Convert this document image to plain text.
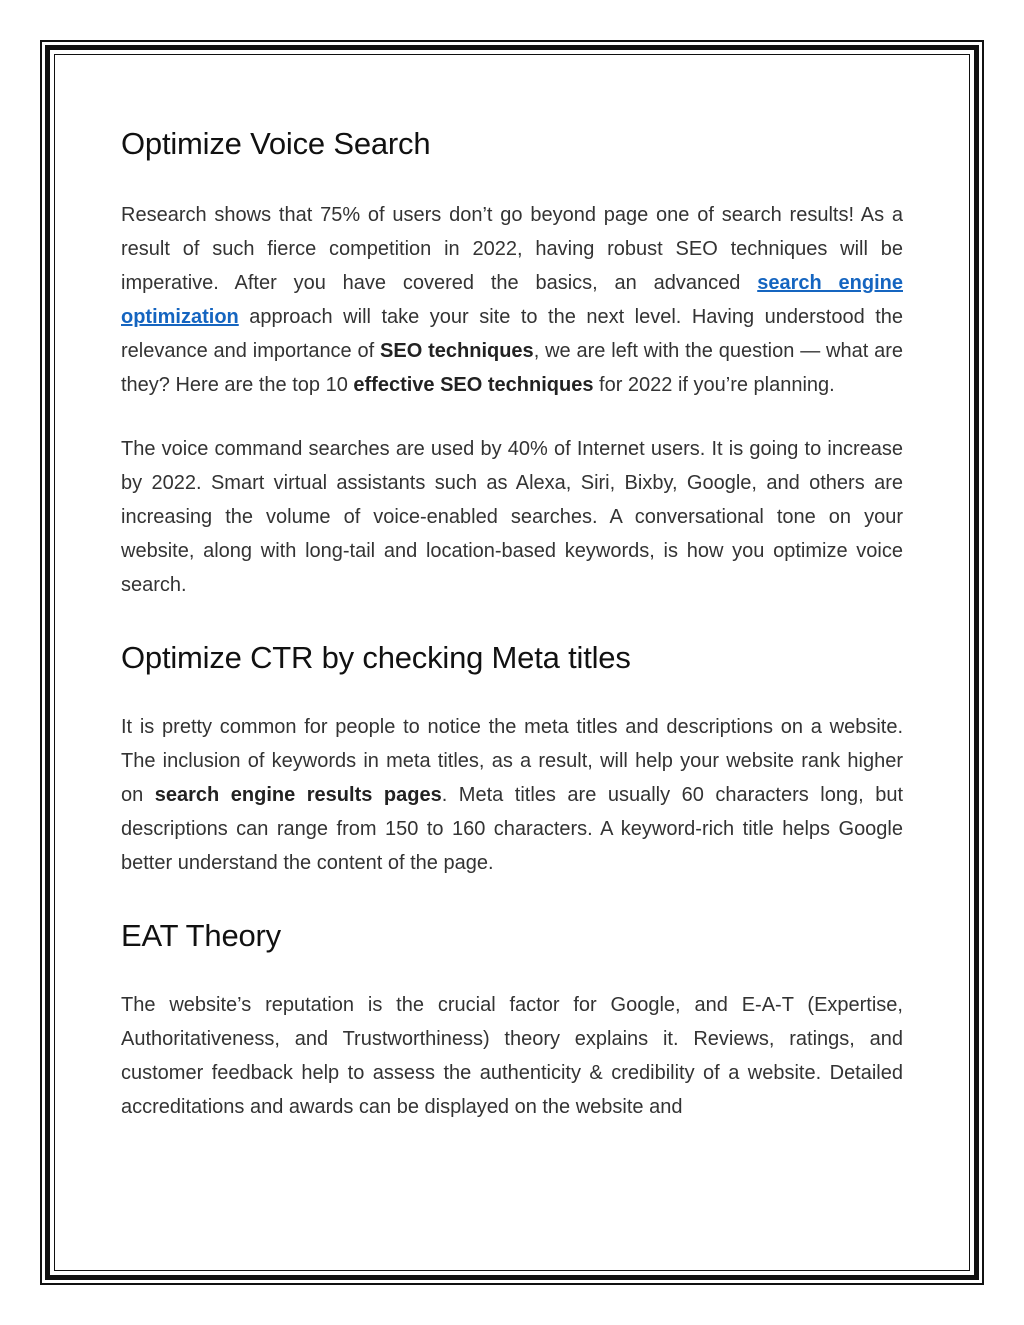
Optimize Voice Search

Research shows that 75% of users don’t go beyond page one of search results! As a result of such fierce competition in 2022, having robust SEO techniques will be imperative. After you have covered the basics, an advanced search engine optimization approach will take your site to the next level. Having understood the relevance and importance of SEO techniques, we are left with the question — what are they? Here are the top 10 effective SEO techniques for 2022 if you’re planning.

The voice command searches are used by 40% of Internet users. It is going to increase by 2022. Smart virtual assistants such as Alexa, Siri, Bixby, Google, and others are increasing the volume of voice-enabled searches. A conversational tone on your website, along with long-tail and location-based keywords, is how you optimize voice search.

Optimize CTR by checking Meta titles

It is pretty common for people to notice the meta titles and descriptions on a website. The inclusion of keywords in meta titles, as a result, will help your website rank higher on search engine results pages. Meta titles are usually 60 characters long, but descriptions can range from 150 to 160 characters. A keyword-rich title helps Google better understand the content of the page.

EAT Theory

The website’s reputation is the crucial factor for Google, and E-A-T (Expertise, Authoritativeness, and Trustworthiness) theory explains it. Reviews, ratings, and customer feedback help to assess the authenticity & credibility of a website. Detailed accreditations and awards can be displayed on the website and
